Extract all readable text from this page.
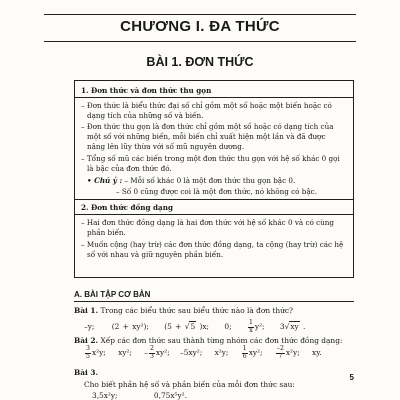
CHƯƠNG I. ĐA THỨC
BÀI 1. ĐƠN THỨC
1. Đơn thức và đơn thức thu gọn
– Đơn thức là biểu thức đại số chỉ gồm một số hoặc một biến hoặc có
dạng tích của những số và biến.
– Đơn thức thu gọn là đơn thức chỉ gồm một số hoặc có dạng tích của
một số với những biến, mỗi biến chỉ xuất hiện một lần và đã được
nâng lên lũy thừa với số mũ nguyên dương.
– Tổng số mũ các biến trong một đơn thức thu gọn với hệ số khác 0 gọi
là bậc của đơn thức đó.
• Chú ý : – Mỗi số khác 0 là một đơn thức thu gọn bậc 0.
– Số 0 cũng được coi là một đơn thức, nó không có bậc.
2. Đơn thức đồng dạng
– Hai đơn thức đồng dạng là hai đơn thức với hệ số khác 0 và có cùng
phần biến.
– Muốn cộng (hay trừ) các đơn thức đồng dạng, ta cộng (hay trừ) các hệ
số với nhau và giữ nguyên phần biến.
A. BÀI TẬP CƠ BẢN
Bài 1. Trong các biểu thức sau biểu thức nào là đơn thức?
–y; (2 + xy²); (5 + √5 )x; 0;	$\frac{1}{x} y^2$; 3√xy .
Bài 2. Xếp các đơn thức sau thành từng nhóm các đơn thức đồng dạng:
$\frac{3}{5} x^2y$; xy²; – $\frac{2}{3} xy^2$; –5xy²; x²y; $\frac{1}{6} xy^2$; $\frac{-2}{7} x^2y$; xy.
Bài 3.
Cho biết phần hệ số và phần biến của mỗi đơn thức sau:
3,5x²y;	0,75x⁵y².
5
